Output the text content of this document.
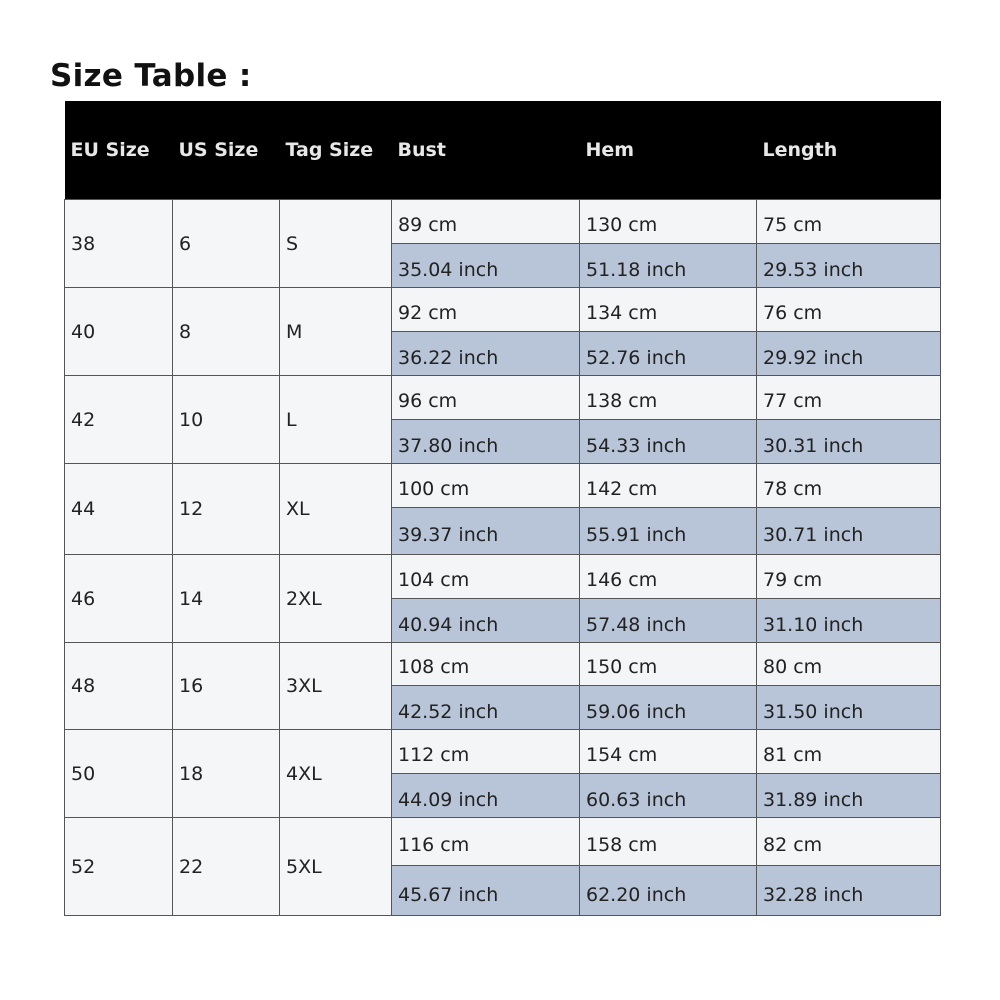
Size Table :
EU Size	US Size	Tag Size	Bust	Hem	Length
38	6	S	89 cm	130 cm	75 cm
			35.04 inch	51.18 inch	29.53 inch
40	8	M	92 cm	134 cm	76 cm
			36.22 inch	52.76 inch	29.92 inch
42	10	L	96 cm	138 cm	77 cm
			37.80 inch	54.33 inch	30.31 inch
44	12	XL	100 cm	142 cm	78 cm
			39.37 inch	55.91 inch	30.71 inch
46	14	2XL	104 cm	146 cm	79 cm
			40.94 inch	57.48 inch	31.10 inch
48	16	3XL	108 cm	150 cm	80 cm
			42.52 inch	59.06 inch	31.50 inch
50	18	4XL	112 cm	154 cm	81 cm
			44.09 inch	60.63 inch	31.89 inch
52	22	5XL	116 cm	158 cm	82 cm
			45.67 inch	62.20 inch	32.28 inch
